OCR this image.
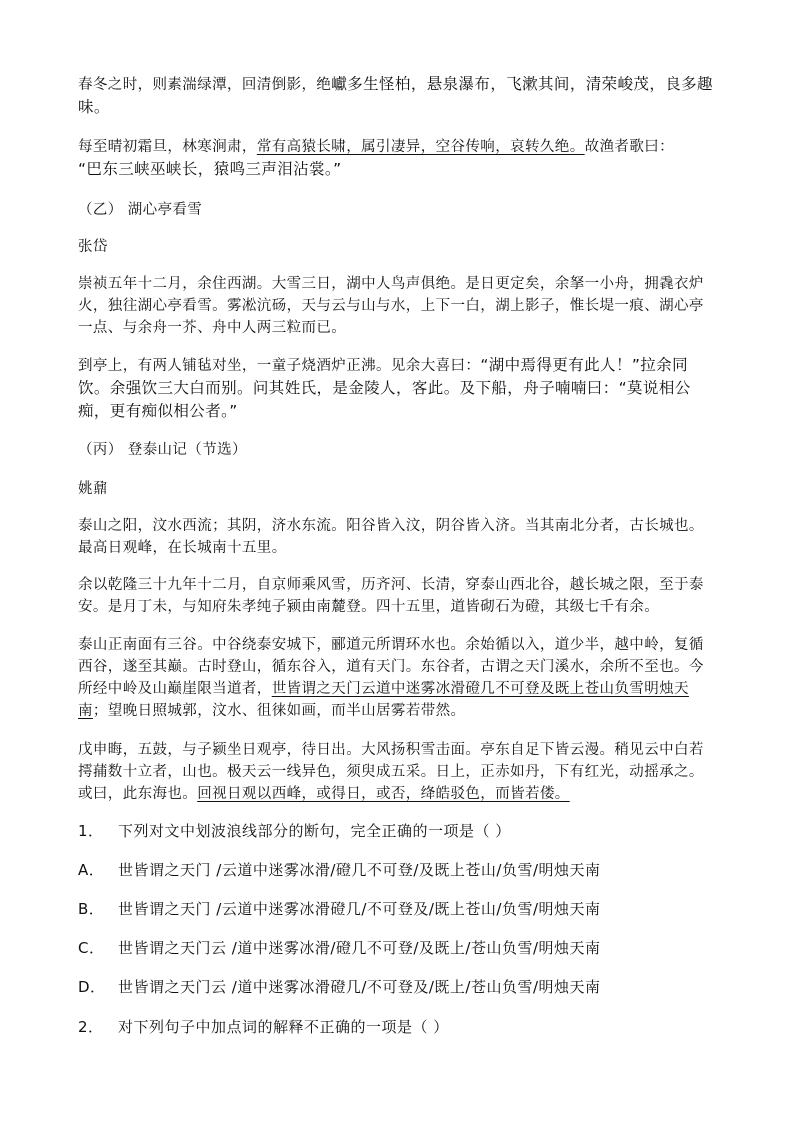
春冬之时，则素湍绿潭，回清倒影，绝巘多生怪柏，悬泉瀑布，飞漱其间，清荣峻茂，良多趣味。

每至晴初霜旦，林寒涧肃，常有高猿长啸，属引凄异，空谷传响，哀转久绝。故渔者歌曰：
“巴东三峡巫峡长，猿鸣三声泪沾裳。”

（乙） 湖心亭看雪

张岱

崇祯五年十二月，余住西湖。大雪三日，湖中人鸟声俱绝。是日更定矣，余拏一小舟，拥毳衣炉火，独往湖心亭看雪。雾凇沆砀，天与云与山与水，上下一白，湖上影子，惟长堤一痕、湖心亭一点、与余舟一芥、舟中人两三粒而已。

到亭上，有两人铺毡对坐，一童子烧酒炉正沸。见余大喜曰：“湖中焉得更有此人！”拉余同饮。余强饮三大白而别。问其姓氏，是金陵人，客此。及下船，舟子喃喃曰：“莫说相公痴，更有痴似相公者。”

（丙） 登泰山记（节选）

姚鼐

泰山之阳，汶水西流；其阴，济水东流。阳谷皆入汶，阴谷皆入济。当其南北分者，古长城也。最高日观峰，在长城南十五里。

余以乾隆三十九年十二月，自京师乘风雪，历齐河、长清，穿泰山西北谷，越长城之限，至于泰安。是月丁未，与知府朱孝纯子颍由南麓登。四十五里，道皆砌石为磴，其级七千有余。

泰山正南面有三谷。中谷绕泰安城下，郦道元所谓环水也。余始循以入，道少半，越中岭，复循西谷，遂至其巅。古时登山，循东谷入，道有天门。东谷者，古谓之天门溪水，余所不至也。今所经中岭及山巅崖限当道者，世皆谓之天门云道中迷雾冰滑磴几不可登及既上苍山负雪明烛天南；望晚日照城郭，汶水、徂徕如画，而半山居雾若带然。

戊申晦，五鼓，与子颍坐日观亭，待日出。大风扬积雪击面。亭东自足下皆云漫。稍见云中白若摴蒱数十立者，山也。极天云一线异色，须臾成五采。日上，正赤如丹，下有红光，动摇承之。或曰，此东海也。回视日观以西峰，或得日，或否，绛皓驳色，而皆若偻。

1． 下列对文中划波浪线部分的断句，完全正确的一项是（ ）
A． 世皆谓之天门 /云道中迷雾冰滑/磴几不可登/及既上苍山/负雪/明烛天南
B． 世皆谓之天门 /云道中迷雾冰滑磴几/不可登及/既上苍山/负雪/明烛天南
C． 世皆谓之天门云 /道中迷雾冰滑/磴几不可登/及既上/苍山负雪/明烛天南
D． 世皆谓之天门云 /道中迷雾冰滑磴几/不可登及/既上/苍山负雪/明烛天南
2． 对下列句子中加点词的解释不正确的一项是（ ）
